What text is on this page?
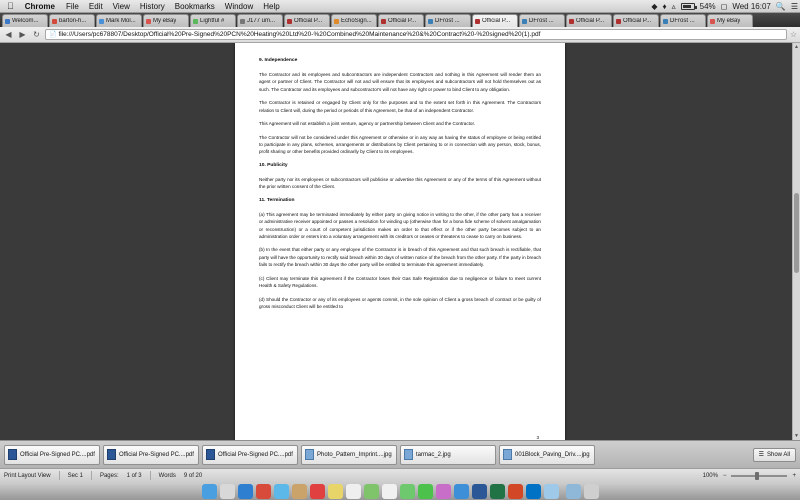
Chrome	File	Edit	View	History	Bookmarks	Window	Help	◆ ♦ ▵	54% ◻ Wed 16:07 🔍 ☰
Welcom...	barton-h...	Mark Mol...	My eBay	Lightful #	J177 um...	Official P...	EchoSign...	Official P...	DFrost ...	Official P...	DFrost ...	Official P...	Official P...	DFrost ...	My eBay
◀ ▶ ↻	📄 file:///Users/pc678807/Desktop/Official%20Pre-Signed%20PCN%20Heating%20Ltd%20-%20Combined%20Maintenance%20&%20Contract%20-%20signed%20(1).pdf	☆
9. Independence
The Contractor and its employees and subcontractors are independent Contractors and nothing in this Agreement will render them an agent or partner of Client. The Contractor will not and will ensure that its employees and subcontractors will not hold themselves out as such. The Contractor and its employees and subcontractor's will not have any right or power to bind Client to any obligation.
The Contractor is retained or engaged by Client only for the purposes and to the extent set forth in this Agreement. The Contractors relation to Client will, during the period or periods of this Agreement, be that of an independent Contractor.
This Agreement will not establish a joint venture, agency or partnership between Client and the Contractor.
The Contractor will not be considered under this Agreement or otherwise or in any way as having the status of employee or being entitled to participate in any plans, schemes, arrangements or distributions by Client pertaining to or in connection with any person, stock, bonus, profit sharing or other benefits provided ordinarily by Client to its employees.
10. Publicity
Neither party nor its employees or subcontractors will publicise or advertise this Agreement or any of the terms of this Agreement without the prior written consent of the Client.
11. Termination
(a) This agreement may be terminated immediately by either party on giving notice in writing to the other, if the other party has a receiver or administrative receiver appointed or passes a resolution for winding up (otherwise than for a bona fide scheme of solvent amalgamation or reconstruction) or a court of competent jurisdiction makes an order to that effect or if the other party becomes subject to an administration order or enters into a voluntary arrangement with its creditors or ceases or threatens to cease to carry on business.
(b) In the event that either party or any employee of the Contractor is in breach of this Agreement and that such breach is rectifiable, that party will have the opportunity to rectify said breach within 30 days of written notice of the breach from the other party. If the party in breach fails to rectify the breach within 30 days the other party will be entitled to terminate this agreement immediately.
(c) Client may terminate this agreement if the Contractor loses their Gas Safe Registration due to negligence or failure to meet current Health & Safety Regulations.
(d) Should the Contractor or any of its employees or agents commit, in the sole opinion of Client a gross breach of contract or be guilty of gross misconduct Client will be entitled to
3
▲
▼
Official Pre-Signed PC....pdf	Official Pre-Signed PC....pdf	Official Pre-Signed PC....pdf	Photo_Pattern_Imprint....jpg	tarmac_2.jpg	001Block_Paving_Driv....jpg	☰ Show All
Print Layout View	Sec 1	Pages: 1 of 3	Words 9 of 20	100% −	+
